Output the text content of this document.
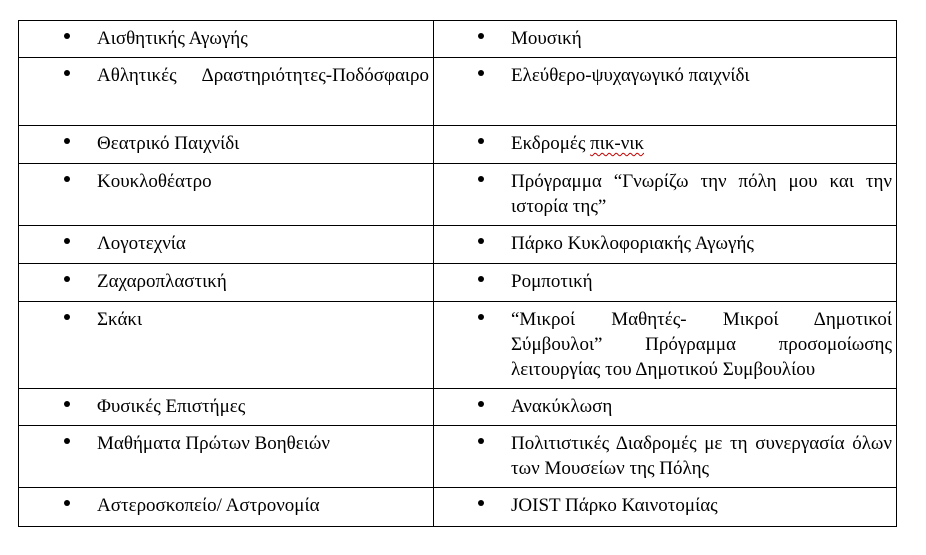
Αισθητικής Αγωγής	Μουσική

Αθλητικές Δραστηριότητες-Ποδόσφαιρο	Ελεύθερο-ψυχαγωγικό παιχνίδι

Θεατρικό Παιχνίδι	Εκδρομές πικ-νικ

Κουκλοθέατρο	Πρόγραμμα “Γνωρίζω την πόλη μου και την ιστορία της”

Λογοτεχνία	Πάρκο Κυκλοφοριακής Αγωγής

Ζαχαροπλαστική	Ρομποτική

Σκάκι	“Μικροί Μαθητές- Μικροί Δημοτικοί Σύμβουλοι” Πρόγραμμα προσομοίωσης λειτουργίας του Δημοτικού Συμβουλίου

Φυσικές Επιστήμες	Ανακύκλωση

Μαθήματα Πρώτων Βοηθειών	Πολιτιστικές Διαδρομές με τη συνεργασία όλων των Μουσείων της Πόλης

Αστεροσκοπείο/ Αστρονομία	JOIST Πάρκο Καινοτομίας
